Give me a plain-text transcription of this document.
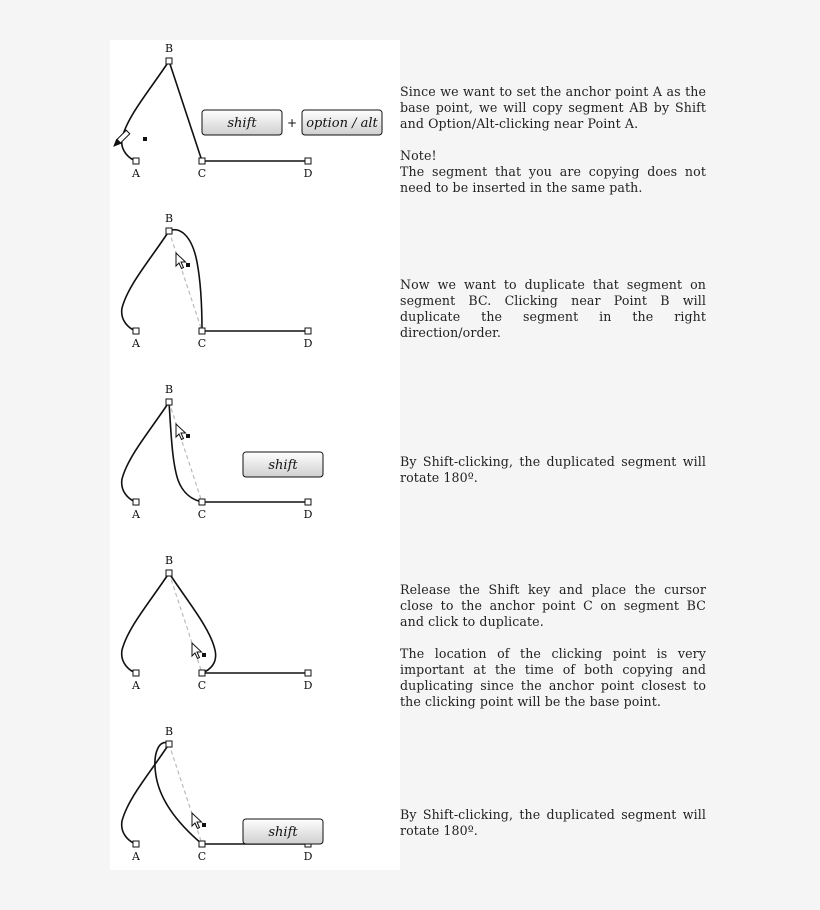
A
B
C	D
shift	+ option / alt
A
B
C	D
A
B
C	D
shift
A
B
C	D
A
B
C	D
shift

Since we want to set the anchor point A as the base point, we will copy segment AB by Shift and Option/Alt-clicking near Point A.

Note!

The segment that you are copying does not need to be inserted in the same path.

Now we want to duplicate that segment on segment BC. Clicking near Point B will duplicate the segment in the right direction/order.

By Shift-clicking, the duplicated segment will rotate 180º.

Release the Shift key and place the cursor close to the anchor point C on segment BC and click to duplicate.

The location of the clicking point is very important at the time of both copying and duplicating since the anchor point closest to the clicking point will be the base point.

By Shift-clicking, the duplicated segment will rotate 180º.
